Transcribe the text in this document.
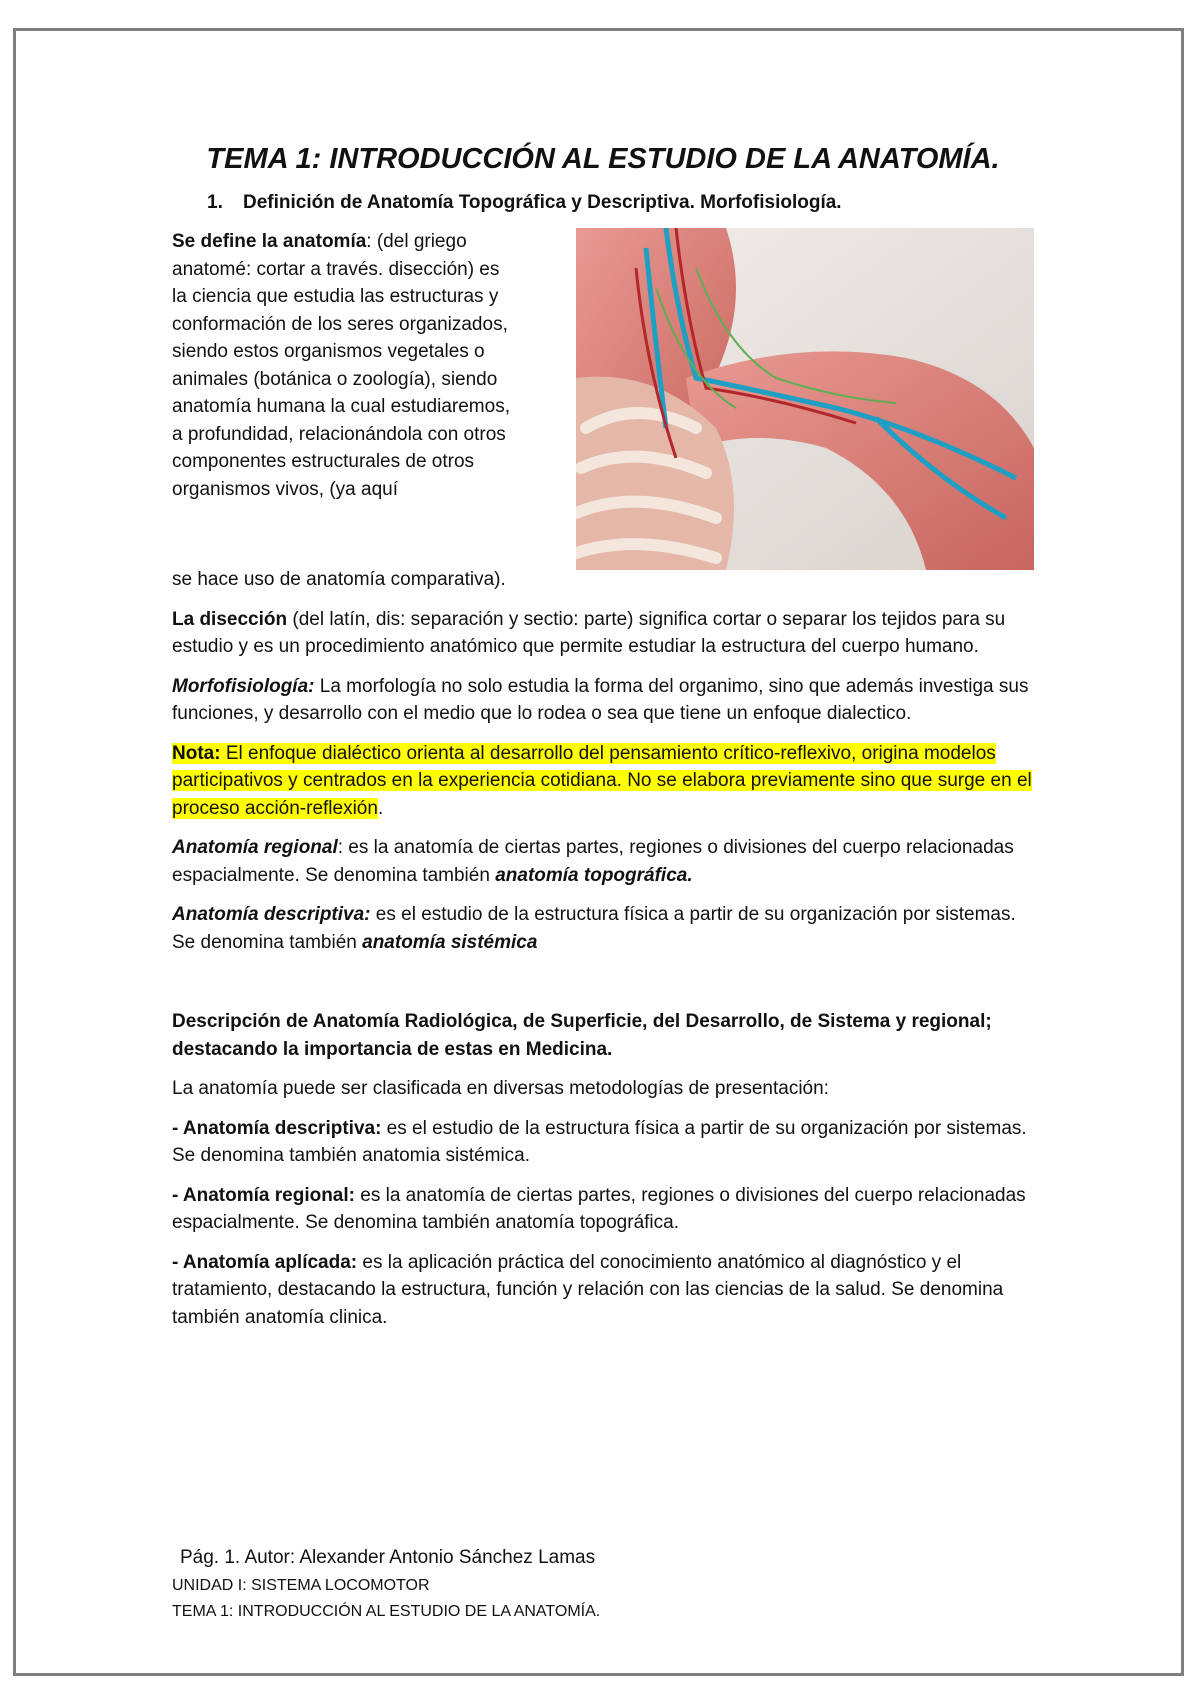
TEMA 1: INTRODUCCIÓN AL ESTUDIO DE LA ANATOMÍA.
1. Definición de Anatomía Topográfica y Descriptiva. Morfofisiología.
Se define la anatomía: (del griego anatomé: cortar a través. disección) es la ciencia que estudia las estructuras y conformación de los seres organizados, siendo estos organismos vegetales o animales (botánica o zoología), siendo anatomía humana la cual estudiaremos, a profundidad, relacionándola con otros componentes estructurales de otros organismos vivos, (ya aquí

se hace uso de anatomía comparativa).

La disección (del latín, dis: separación y sectio: parte) significa cortar o separar los tejidos para su estudio y es un procedimiento anatómico que permite estudiar la estructura del cuerpo humano.

Morfofisiología: La morfología no solo estudia la forma del organimo, sino que además investiga sus funciones, y desarrollo con el medio que lo rodea o sea que tiene un enfoque dialectico.

Nota: El enfoque dialéctico orienta al desarrollo del pensamiento crítico-reflexivo, origina modelos participativos y centrados en la experiencia cotidiana. No se elabora previamente sino que surge en el proceso acción-reflexión.

Anatomía regional: es la anatomía de ciertas partes, regiones o divisiones del cuerpo relacionadas espacialmente. Se denomina también anatomía topográfica.

Anatomía descriptiva: es el estudio de la estructura física a partir de su organización por sistemas. Se denomina también anatomía sistémica

Descripción de Anatomía Radiológica, de Superficie, del Desarrollo, de Sistema y regional; destacando la importancia de estas en Medicina.

La anatomía puede ser clasificada en diversas metodologías de presentación:

- Anatomía descriptiva: es el estudio de la estructura física a partir de su organización por sistemas. Se denomina también anatomia sistémica.

- Anatomía regional: es la anatomía de ciertas partes, regiones o divisiones del cuerpo relacionadas espacialmente. Se denomina también anatomía topográfica.

- Anatomía aplícada: es la aplicación práctica del conocimiento anatómico al diagnóstico y el tratamiento, destacando la estructura, función y relación con las ciencias de la salud. Se denomina también anatomía clinica.

Pág. 1. Autor: Alexander Antonio Sánchez Lamas
UNIDAD I: SISTEMA LOCOMOTOR
TEMA 1: INTRODUCCIÓN AL ESTUDIO DE LA ANATOMÍA.
